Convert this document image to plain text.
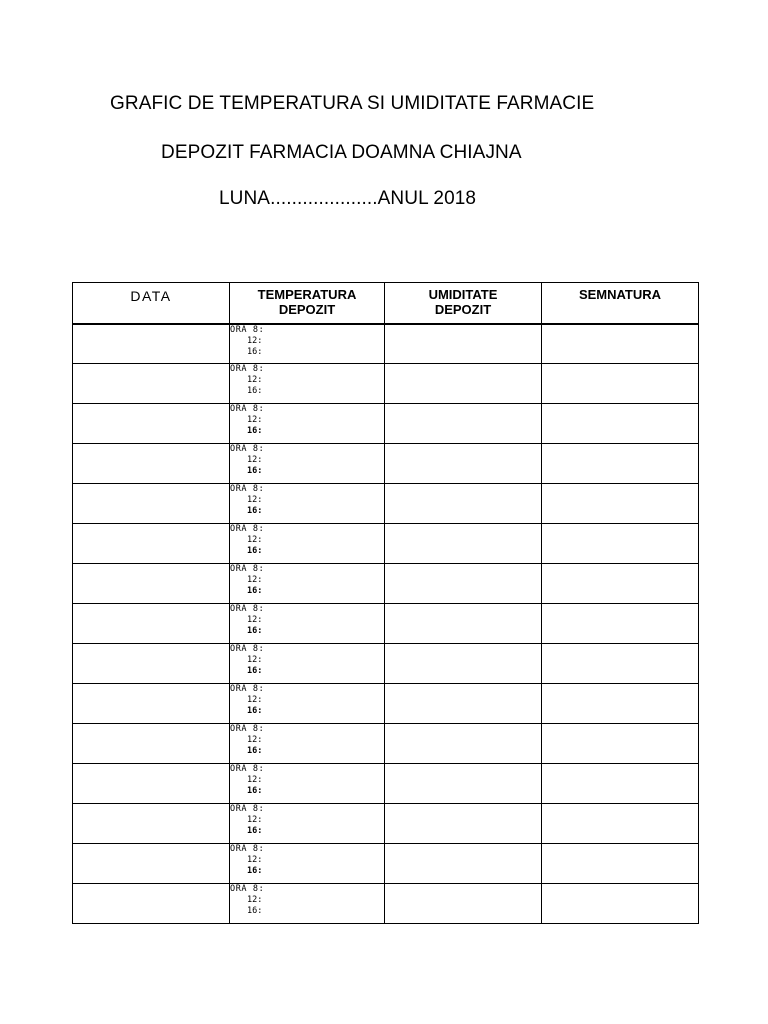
GRAFIC DE TEMPERATURA SI UMIDITATE FARMACIE
DEPOZIT FARMACIA DOAMNA CHIAJNA
LUNA....................ANUL 2018
DATA	TEMPERATURA DEPOZIT	UMIDITATE DEPOZIT	SEMNATURA

	ORA 8:
12:
16:		

	ORA 8:
12:
16:		

	ORA 8:
12:
16:		

	ORA 8:
12:
16:		

	ORA 8:
12:
16:		

	ORA 8:
12:
16:		

	ORA 8:
12:
16:		

	ORA 8:
12:
16:		

	ORA 8:
12:
16:		

	ORA 8:
12:
16:		

	ORA 8:
12:
16:		

	ORA 8:
12:
16:		

	ORA 8:
12:
16:		

	ORA 8:
12:
16:		

	ORA 8:
12:
16:		
